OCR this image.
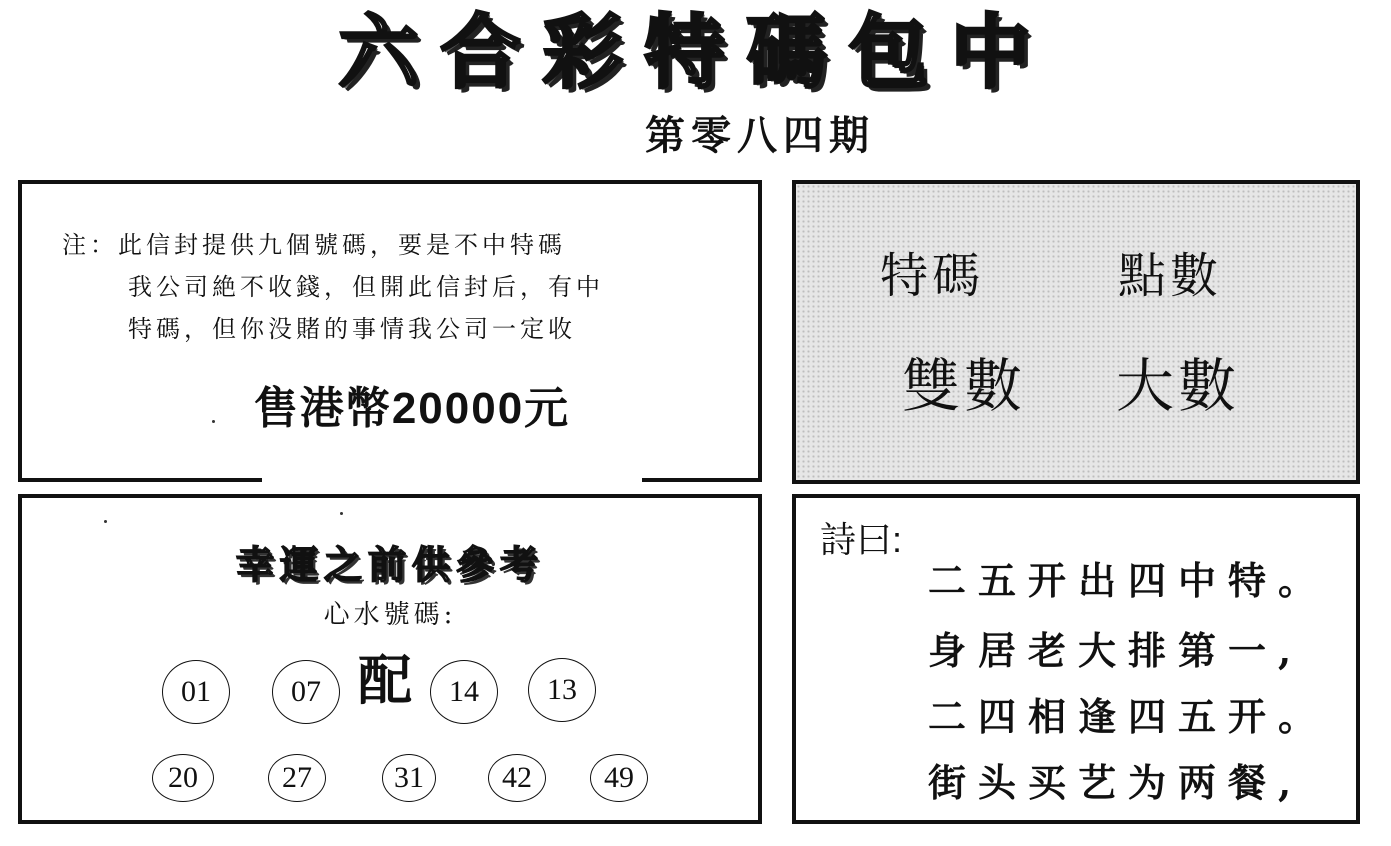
六合彩特碼包中
第零八四期
注：此信封提供九個號碼，要是不中特碼
我公司絶不收錢，但開此信封后，有中
特碼，但你没賭的事情我公司一定收
售港幣20000元
特碼	點數
雙數 大數
幸運之前供參考
心水號碼:
配
01	07	14	13
20	27	31	42	49
詩曰:
二五开出四中特。
身居老大排第一,
二四相逢四五开。
街头买艺为两餐,
